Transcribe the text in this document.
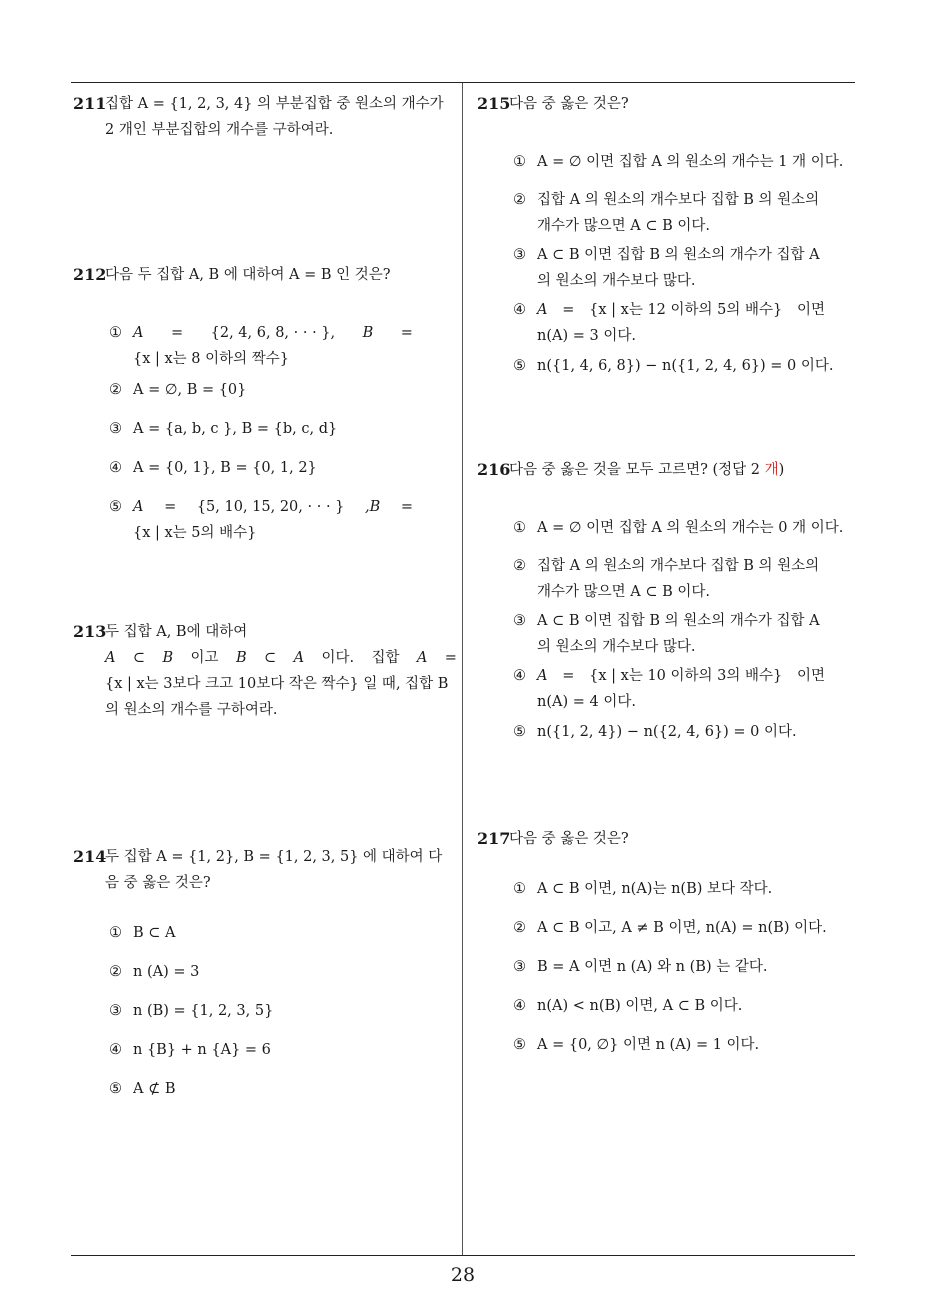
28
211
집합 A = {1, 2, 3, 4} 의 부분집합 중 원소의 개수가
2 개인 부분집합의 개수를 구하여라.
212
다음 두 집합 A, B 에 대하여 A = B 인 것은?
① A = {2, 4, 6, 8, · · · }, B =
{x | x는 8 이하의 짝수}
② A = ∅, B = {0}
③ A = {a, b, c }, B = {b, c, d}
④ A = {0, 1}, B = {0, 1, 2}
⑤ A = {5, 10, 15, 20, · · · } ,B =
{x | x는 5의 배수}
213
두 집합 A, B에 대하여
A ⊂ B 이고 B ⊂ A 이다. 집합 A =
{x | x는 3보다 크고 10보다 작은 짝수} 일 때, 집합 B
의 원소의 개수를 구하여라.
214
두 집합 A = {1, 2}, B = {1, 2, 3, 5} 에 대하여 다
음 중 옳은 것은?
① B ⊂ A
② n (A) = 3
③ n (B) = {1, 2, 3, 5}
④ n {B} + n {A} = 6
⑤ A ⊄ B
215
다음 중 옳은 것은?
① A = ∅ 이면 집합 A 의 원소의 개수는 1 개 이다.
② 집합 A 의 원소의 개수보다 집합 B 의 원소의
개수가 많으면 A ⊂ B 이다.
③ A ⊂ B 이면 집합 B 의 원소의 개수가 집합 A
의 원소의 개수보다 많다.
④ A = {x | x는 12 이하의 5의 배수} 이면
n(A) = 3 이다.
⑤ n({1, 4, 6, 8}) − n({1, 2, 4, 6}) = 0 이다.
216
다음 중 옳은 것을 모두 고르면? (정답 2 개)
① A = ∅ 이면 집합 A 의 원소의 개수는 0 개 이다.
② 집합 A 의 원소의 개수보다 집합 B 의 원소의
개수가 많으면 A ⊂ B 이다.
③ A ⊂ B 이면 집합 B 의 원소의 개수가 집합 A
의 원소의 개수보다 많다.
④ A = {x | x는 10 이하의 3의 배수} 이면
n(A) = 4 이다.
⑤ n({1, 2, 4}) − n({2, 4, 6}) = 0 이다.
217
다음 중 옳은 것은?
① A ⊂ B 이면, n(A)는 n(B) 보다 작다.
② A ⊂ B 이고, A ≠ B 이면, n(A) = n(B) 이다.
③ B = A 이면 n (A) 와 n (B) 는 같다.
④ n(A) < n(B) 이면, A ⊂ B 이다.
⑤ A = {0, ∅} 이면 n (A) = 1 이다.
